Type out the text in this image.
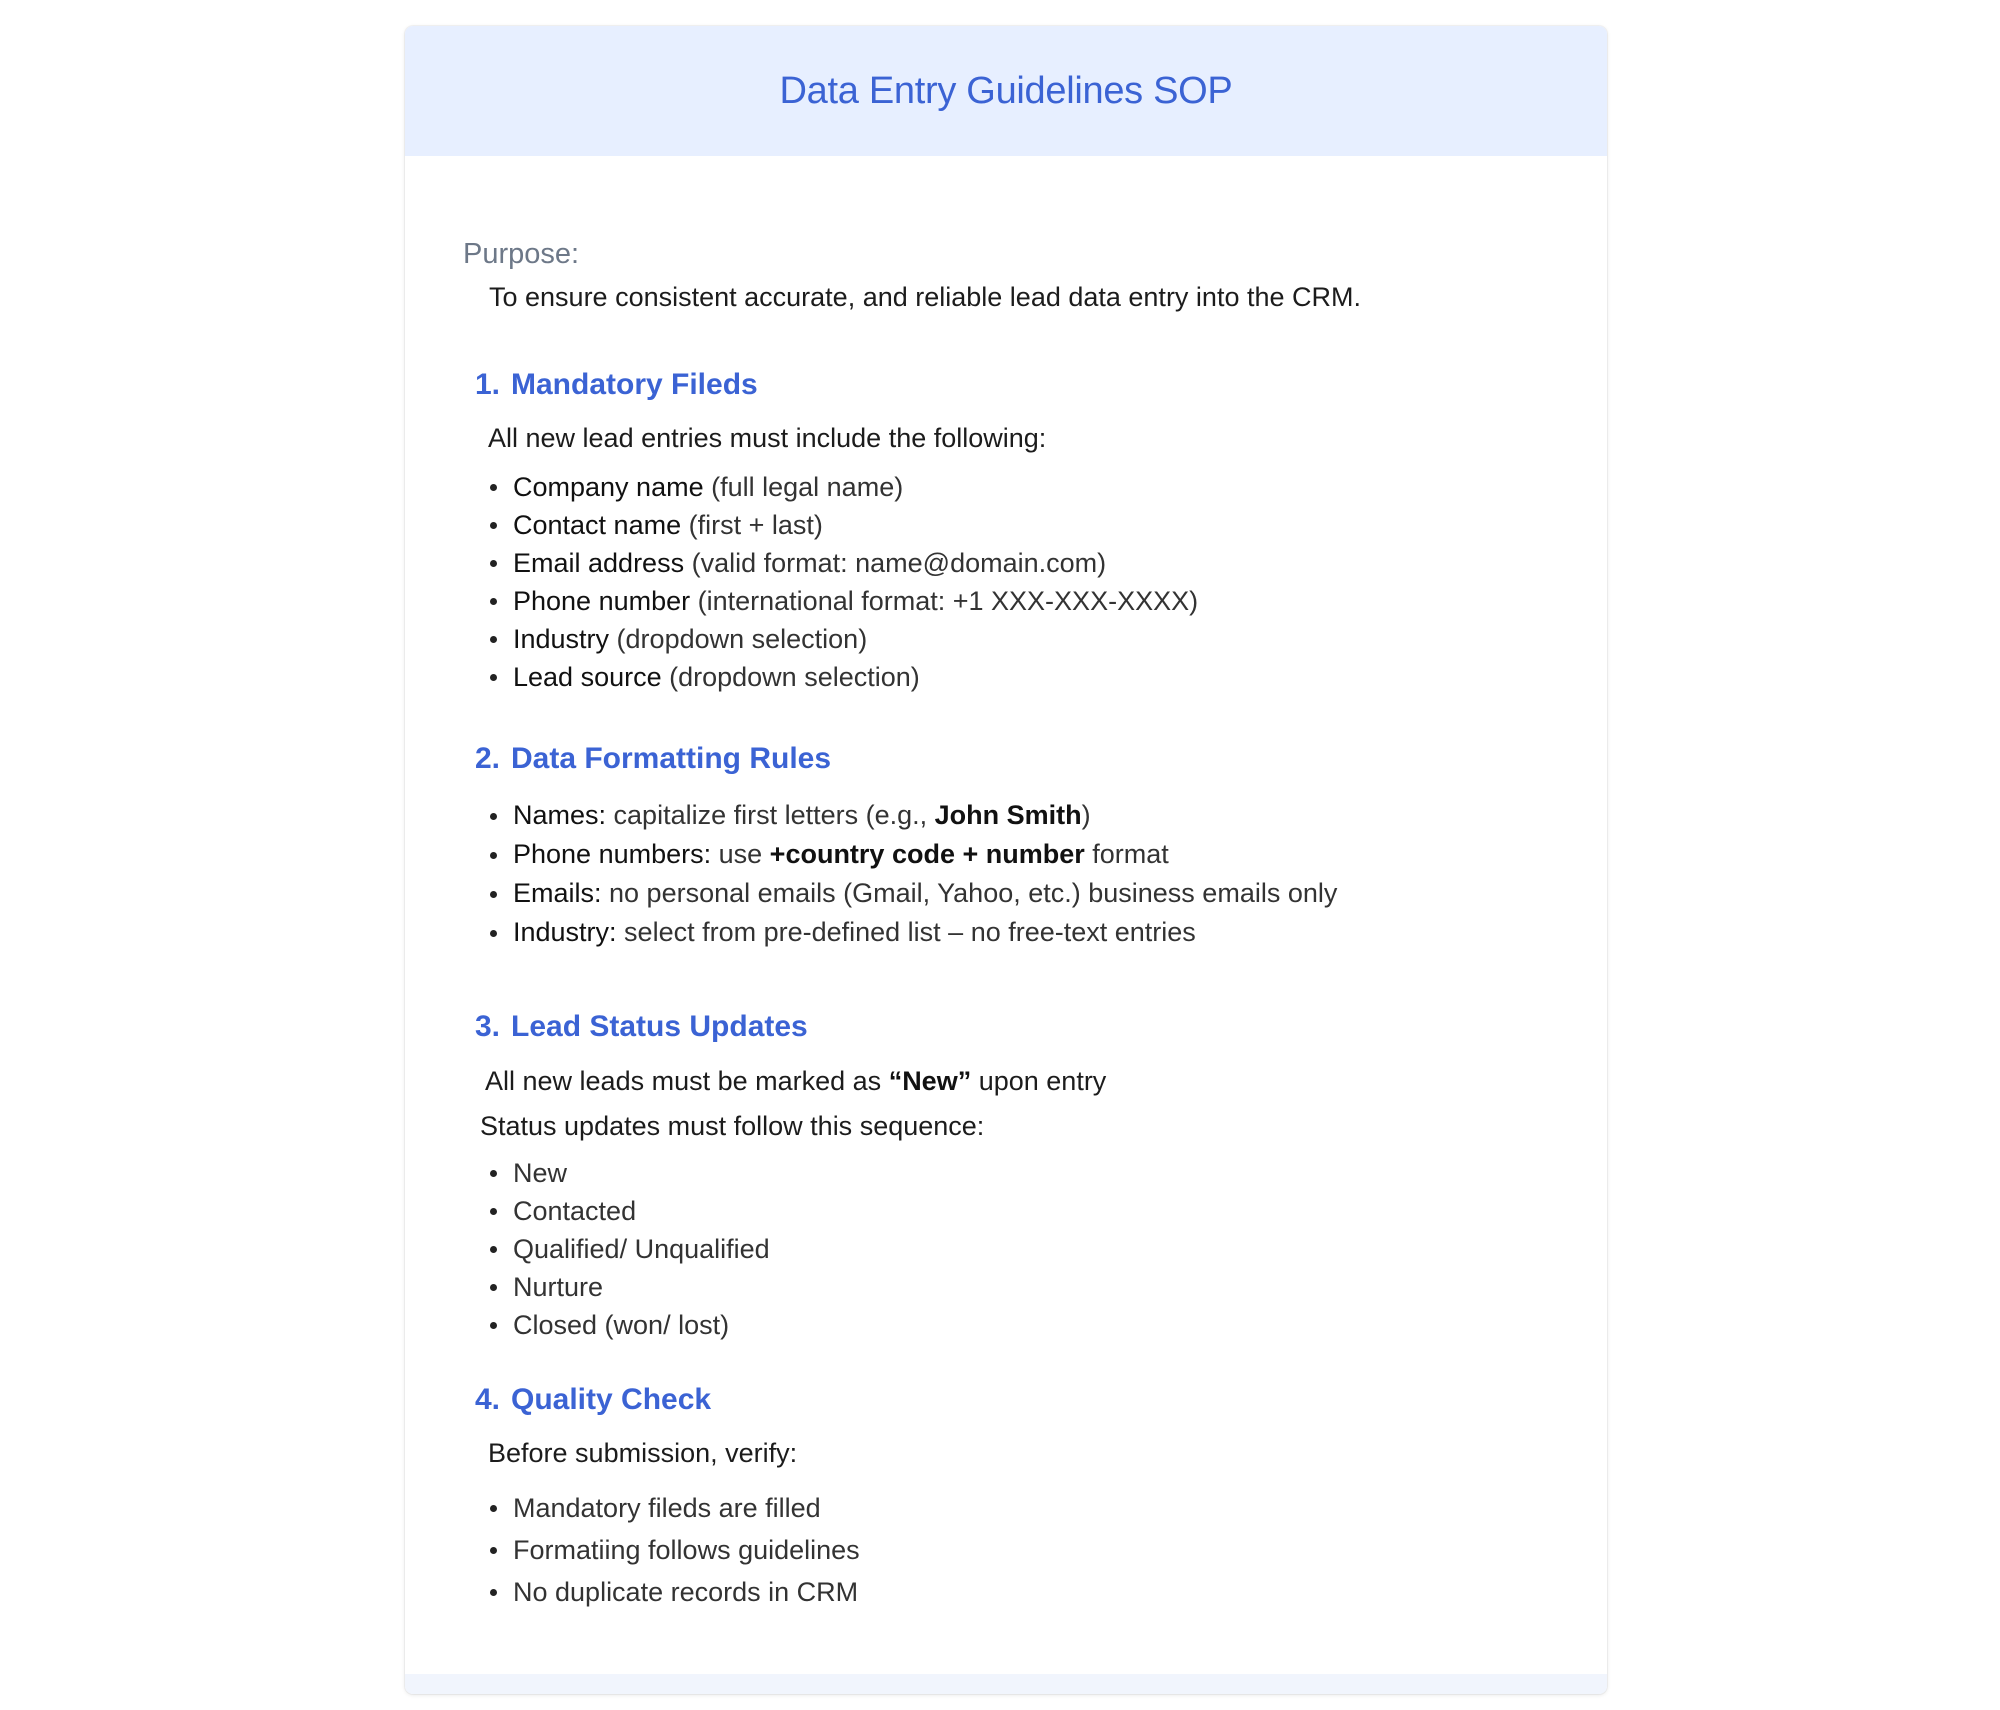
Data Entry Guidelines SOP
Purpose:
To ensure consistent accurate, and reliable lead data entry into the CRM.
1. Mandatory Fileds
All new lead entries must include the following:
Company name (full legal name)
Contact name (first + last)
Email address (valid format: name@domain.com)
Phone number (international format: +1 XXX-XXX-XXXX)
Industry (dropdown selection)
Lead source (dropdown selection)
2. Data Formatting Rules
Names: capitalize first letters (e.g., John Smith)
Phone numbers: use +country code + number format
Emails: no personal emails (Gmail, Yahoo, etc.) business emails only
Industry: select from pre-defined list – no free-text entries
3. Lead Status Updates
All new leads must be marked as “New” upon entry
Status updates must follow this sequence:
New
Contacted
Qualified/ Unqualified
Nurture
Closed (won/ lost)
4. Quality Check
Before submission, verify:
Mandatory fileds are filled
Formatiing follows guidelines
No duplicate records in CRM
